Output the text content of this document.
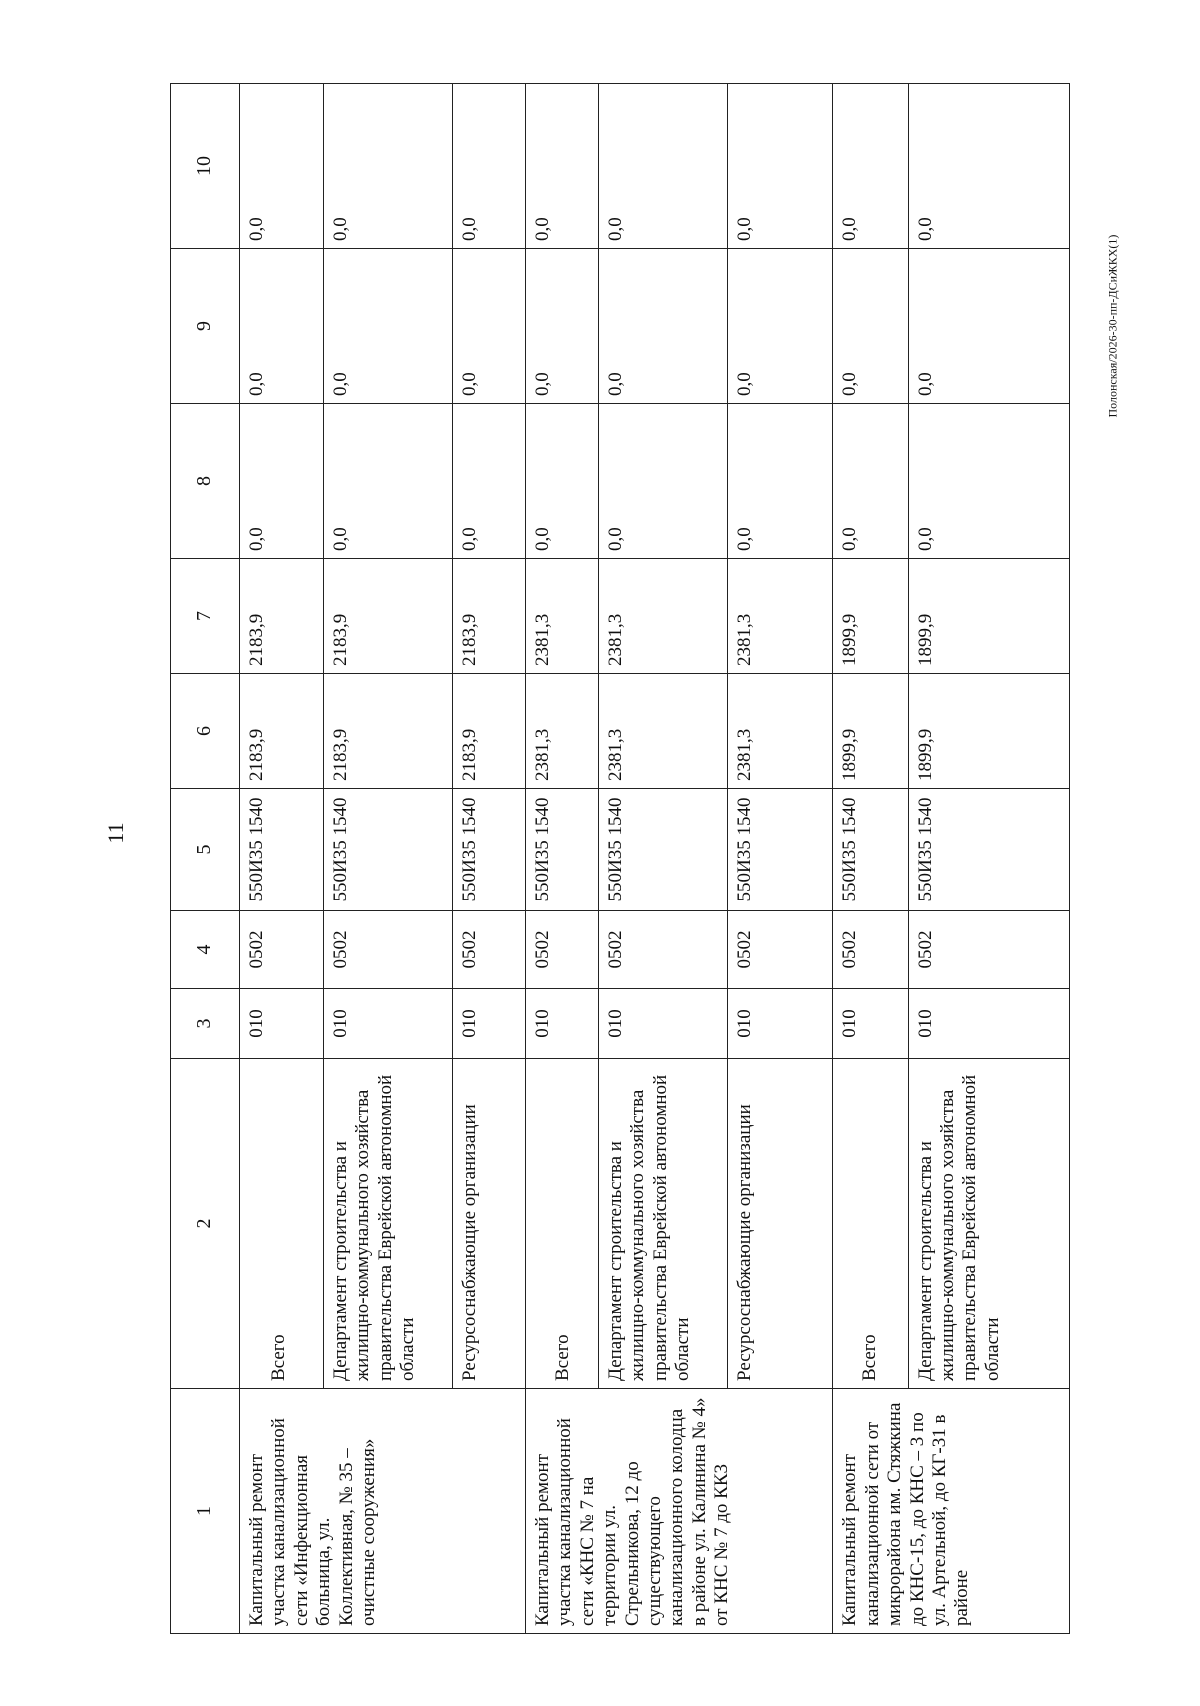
11
1	2	3	4	5	6	7	8	9	10
Капитальный ремонт участка канализационной сети «Инфекционная больница, ул. Коллективная, № 35 – очистные сооружения»	Всего	010	0502	550И35 1540	2183,9	2183,9	0,0	0,0	0,0
	Департамент строительства и жилищно-коммунального хозяйства правительства Еврейской автономной области	010	0502	550И35 1540	2183,9	2183,9	0,0	0,0	0,0
	Ресурсоснабжающие организации	010	0502	550И35 1540	2183,9	2183,9	0,0	0,0	0,0
Капитальный ремонт участка канализационной сети «КНС № 7 на территории ул. Стрельникова, 12 до существующего канализационного колодца в районе ул. Калинина № 4» от КНС № 7 до КК3	Всего	010	0502	550И35 1540	2381,3	2381,3	0,0	0,0	0,0
	Департамент строительства и жилищно-коммунального хозяйства правительства Еврейской автономной области	010	0502	550И35 1540	2381,3	2381,3	0,0	0,0	0,0
	Ресурсоснабжающие организации	010	0502	550И35 1540	2381,3	2381,3	0,0	0,0	0,0
Капитальный ремонт канализационной сети от микрорайона им. Стяжкина до КНС-15, до КНС – 3 по ул. Артельной, до КГ-31 в районе	Всего	010	0502	550И35 1540	1899,9	1899,9	0,0	0,0	0,0
	Департамент строительства и жилищно-коммунального хозяйства правительства Еврейской автономной области	010	0502	550И35 1540	1899,9	1899,9	0,0	0,0	0,0
Полонская/2026-30-пп-ДСиЖКХ(1)
